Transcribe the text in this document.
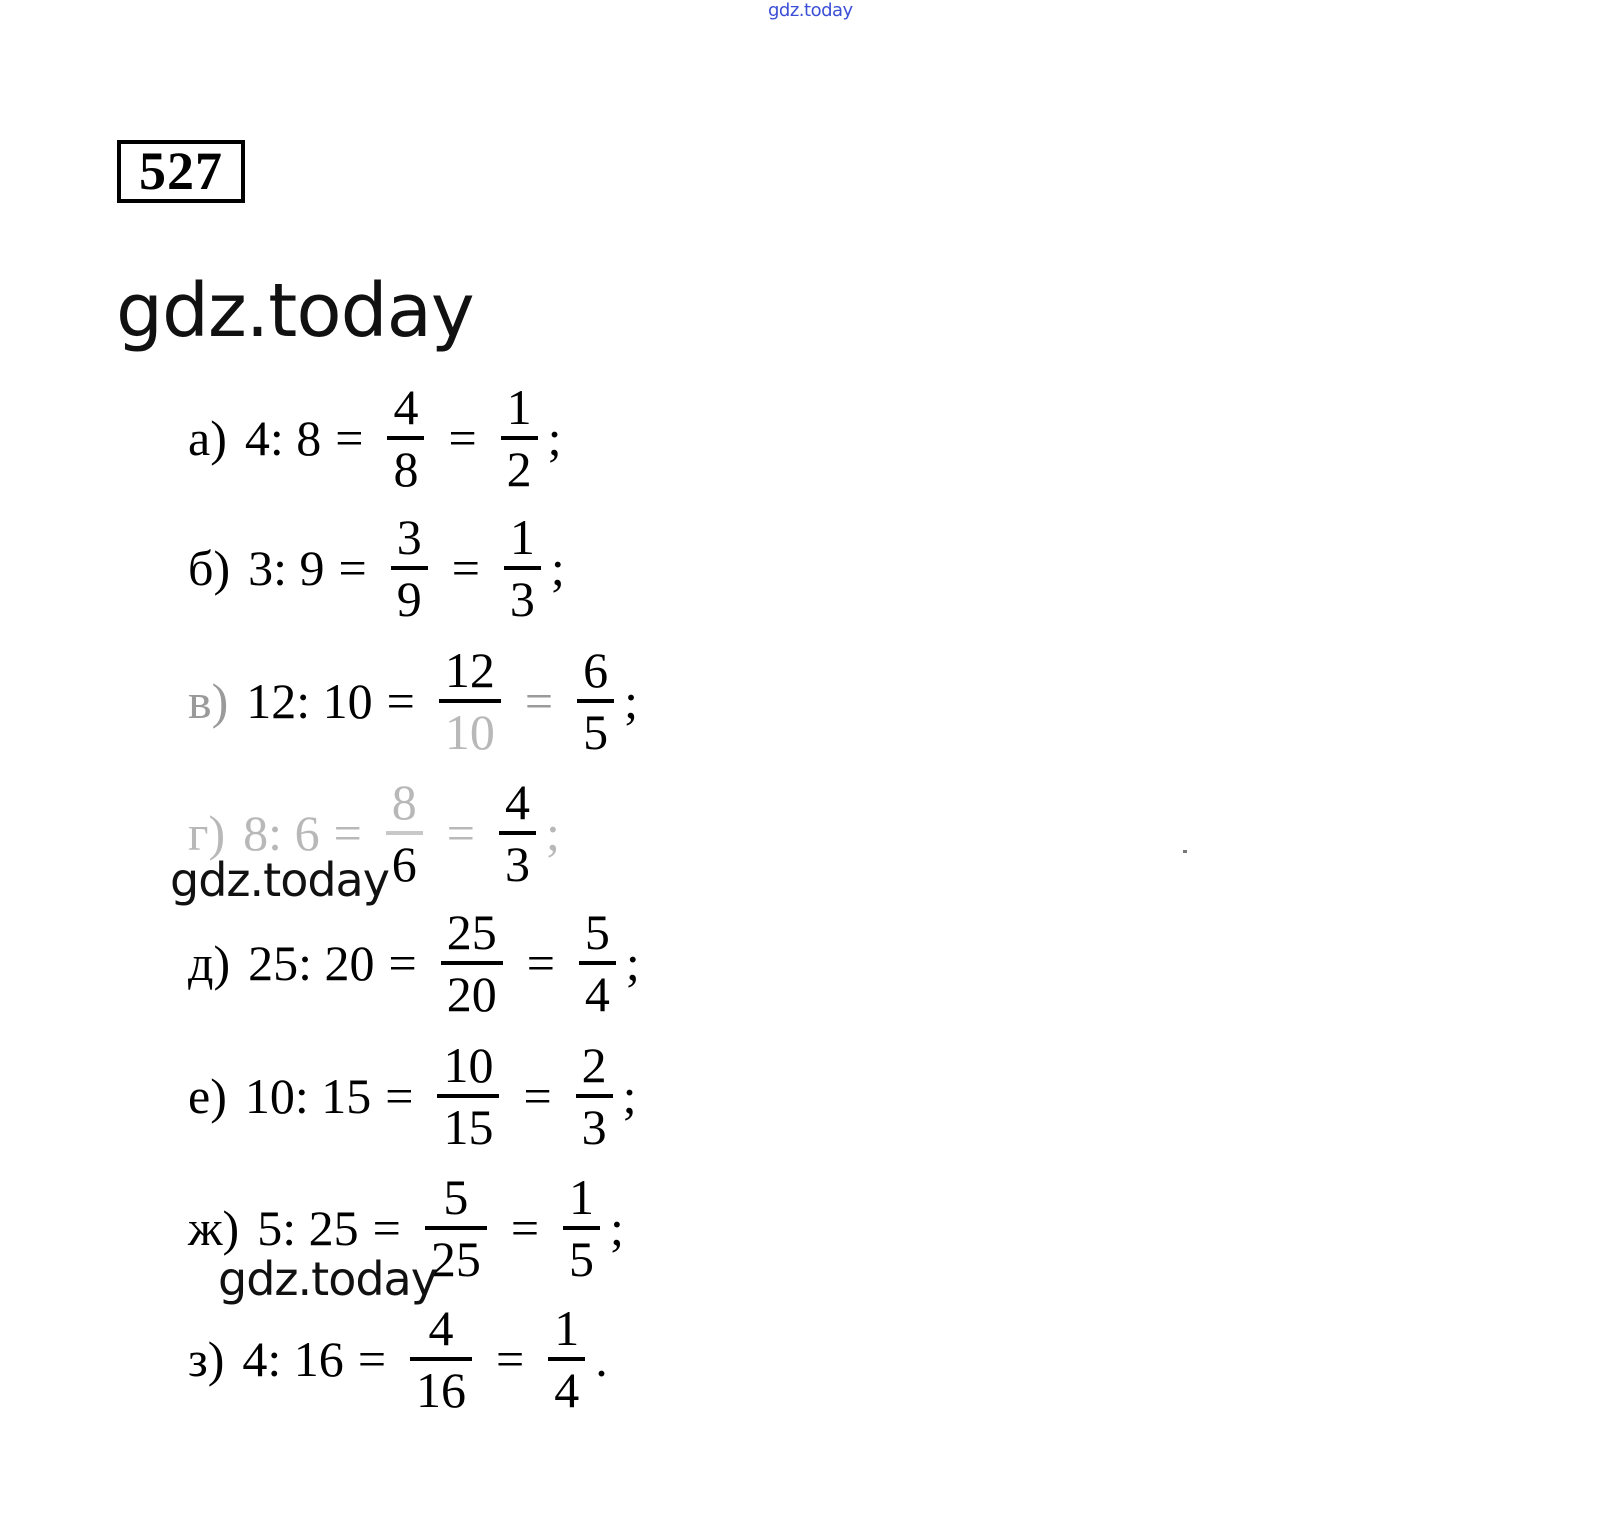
gdz.today
527
gdz.today
а) 4: $8 = \frac{4}{8} = \frac{1}{2}$ ;
б) 3: $9 = \frac{3}{9} = \frac{1}{3}$ ;
в) 12: $10 = \frac{12}{10} = \frac{6}{5}$ ;
г) 8: $6 = \frac{8}{6} = \frac{4}{3}$ ;
gdz.today
д) 25: $20 = \frac{25}{20} = \frac{5}{4}$ ;
е) 10: $15 = \frac{10}{15} = \frac{2}{3}$ ;
ж) 5: $25 = \frac{5}{25} = \frac{1}{5}$ ;
gdz.today
з) 4: $16 = \frac{4}{16} = \frac{1}{4}$ .
